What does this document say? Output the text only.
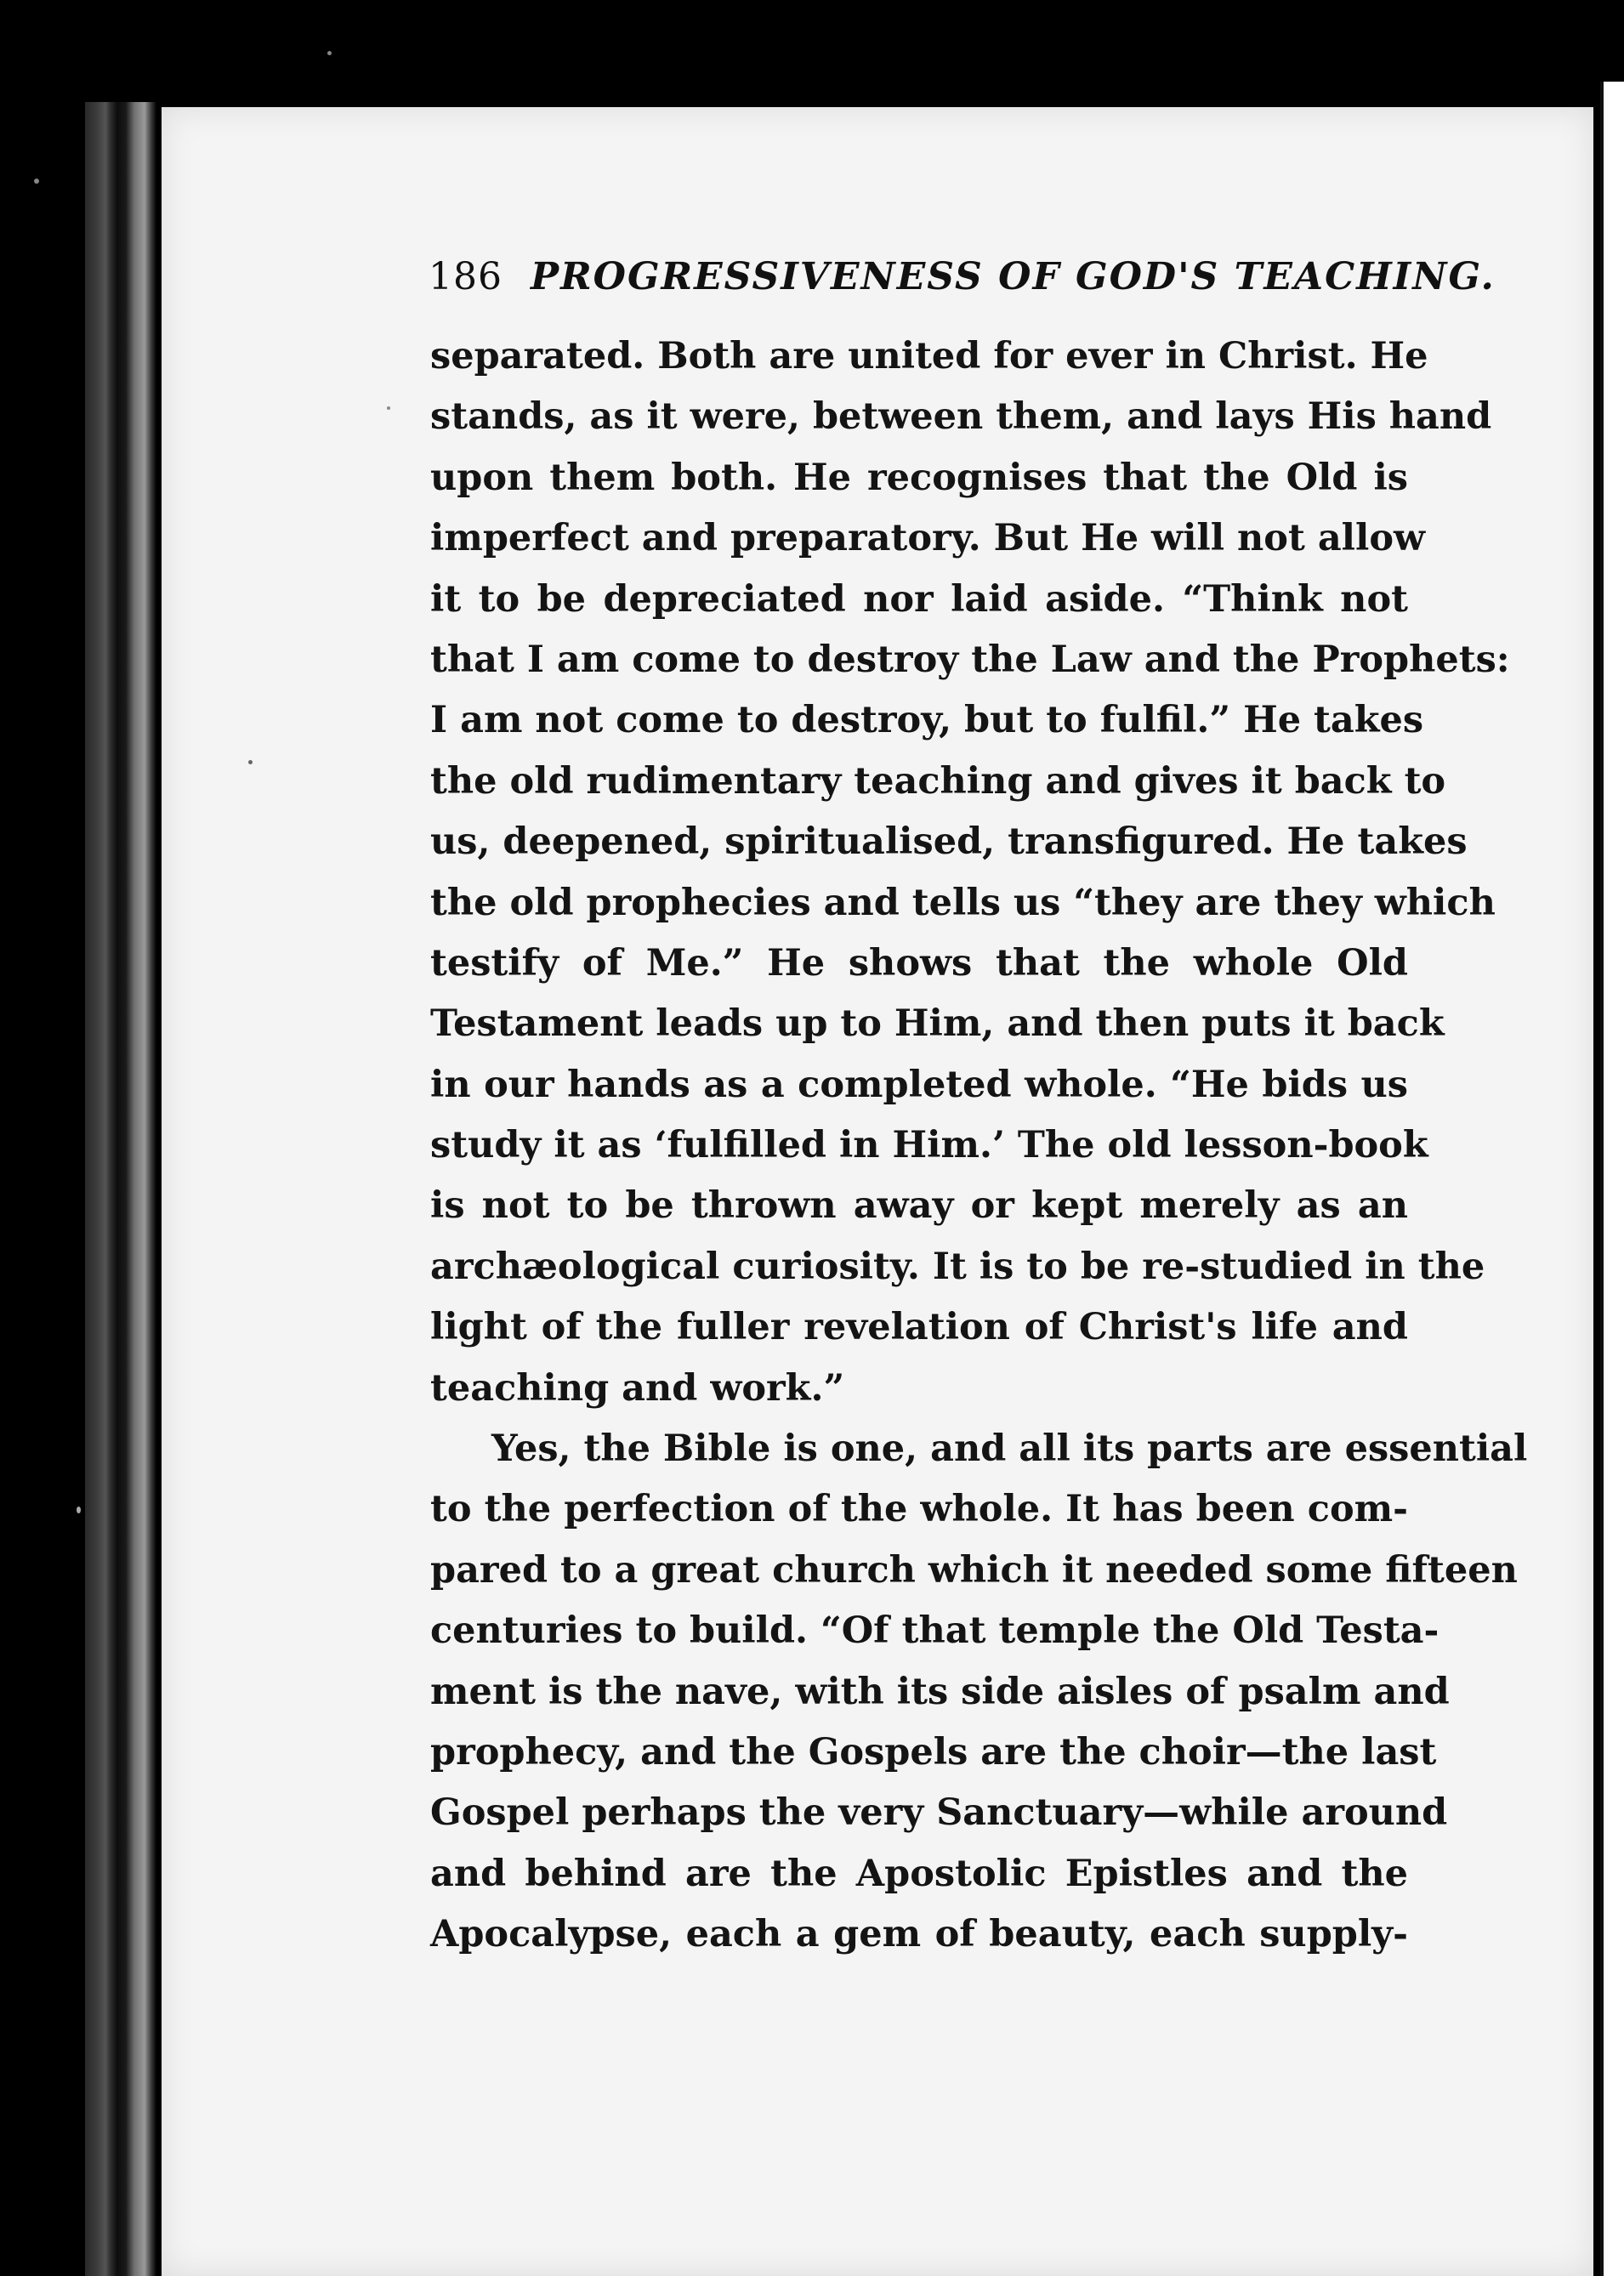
186 PROGRESSIVENESS OF GOD'S TEACHING.
separated. Both are united for ever in Christ. He
stands, as it were, between them, and lays His hand
upon them both. He recognises that the Old is
imperfect and preparatory. But He will not allow
it to be depreciated nor laid aside. “Think not
that I am come to destroy the Law and the Prophets:
I am not come to destroy, but to fulfil.” He takes
the old rudimentary teaching and gives it back to
us, deepened, spiritualised, transfigured. He takes
the old prophecies and tells us “they are they which
testify of Me.” He shows that the whole Old
Testament leads up to Him, and then puts it back
in our hands as a completed whole. “He bids us
study it as ‘fulfilled in Him.’ The old lesson-book
is not to be thrown away or kept merely as an
archæological curiosity. It is to be re-studied in the
light of the fuller revelation of Christ's life and
teaching and work.”
Yes, the Bible is one, and all its parts are essential
to the perfection of the whole. It has been com-
pared to a great church which it needed some fifteen
centuries to build. “Of that temple the Old Testa-
ment is the nave, with its side aisles of psalm and
prophecy, and the Gospels are the choir—the last
Gospel perhaps the very Sanctuary—while around
and behind are the Apostolic Epistles and the
Apocalypse, each a gem of beauty, each supply-
